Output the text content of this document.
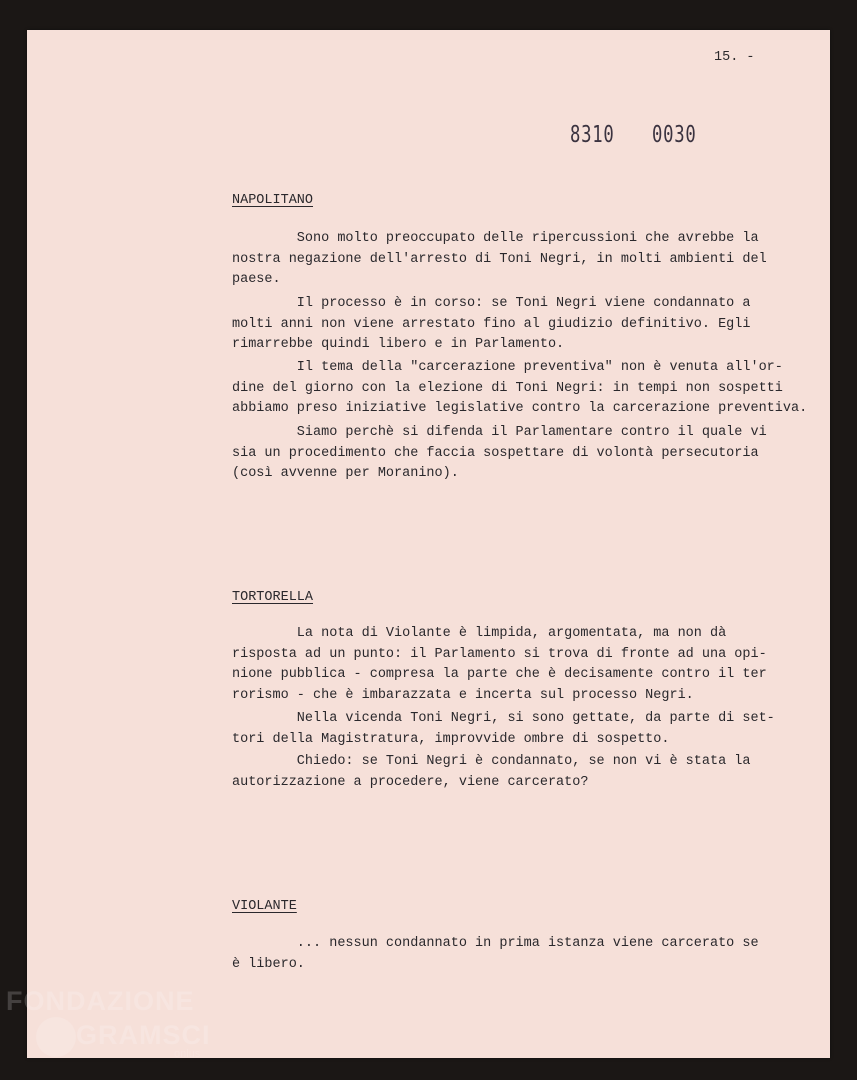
15. -
8310 0030
NAPOLITANO

Sono molto preoccupato delle ripercussioni che avrebbe la
nostra negazione dell'arresto di Toni Negri, in molti ambienti del
paese.

Il processo è in corso: se Toni Negri viene condannato a
molti anni non viene arrestato fino al giudizio definitivo. Egli
rimarrebbe quindi libero e in Parlamento.

Il tema della "carcerazione preventiva" non è venuta all'or-
dine del giorno con la elezione di Toni Negri: in tempi non sospetti
abbiamo preso iniziative legislative contro la carcerazione preventiva.

Siamo perchè si difenda il Parlamentare contro il quale vi
sia un procedimento che faccia sospettare di volontà persecutoria
(così avvenne per Moranino).

TORTORELLA

La nota di Violante è limpida, argomentata, ma non dà
risposta ad un punto: il Parlamento si trova di fronte ad una opi-
nione pubblica - compresa la parte che è decisamente contro il ter
rorismo - che è imbarazzata e incerta sul processo Negri.

Nella vicenda Toni Negri, si sono gettate, da parte di set-
tori della Magistratura, improvvide ombre di sospetto.

Chiedo: se Toni Negri è condannato, se non vi è stata la
autorizzazione a procedere, viene carcerato?

VIOLANTE

... nessun condannato in prima istanza viene carcerato se
è libero.

FONDAZIONE
GRAMSCI
onlus
